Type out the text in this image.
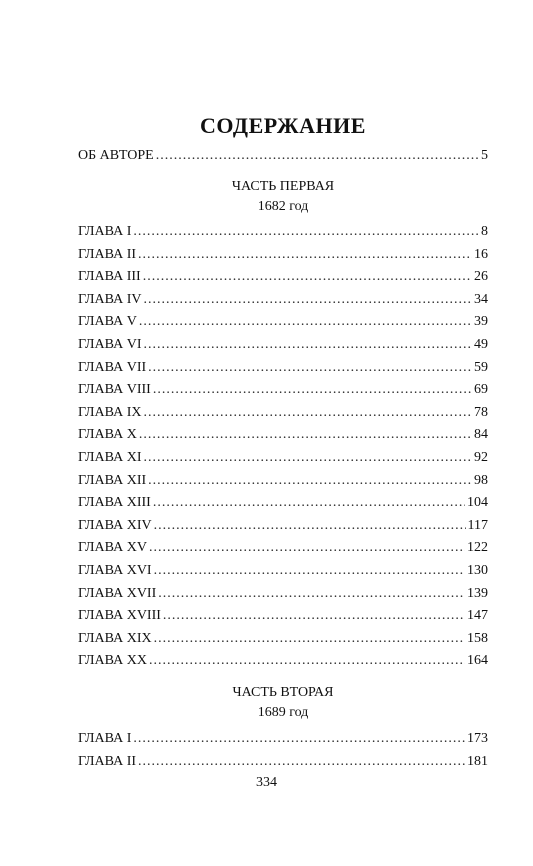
СОДЕРЖАНИЕ
ОБ АВТОРЕ .....	5
ЧАСТЬ ПЕРВАЯ
1682 год
ГЛАВА I .....	8
ГЛАВА II .....	16
ГЛАВА III .....	26
ГЛАВА IV .....	34
ГЛАВА V .....	39
ГЛАВА VI .....	49
ГЛАВА VII .....	59
ГЛАВА VIII .....	69
ГЛАВА IX .....	78
ГЛАВА X .....	84
ГЛАВА XI .....	92
ГЛАВА XII .....	98
ГЛАВА XIII .....	104
ГЛАВА XIV .....	117
ГЛАВА XV .....	122
ГЛАВА XVI .....	130
ГЛАВА XVII .....	139
ГЛАВА XVIII .....	147
ГЛАВА XIX .....	158
ГЛАВА XX .....	164
ЧАСТЬ ВТОРАЯ
1689 год
ГЛАВА I .....	173
ГЛАВА II .....	181
334
